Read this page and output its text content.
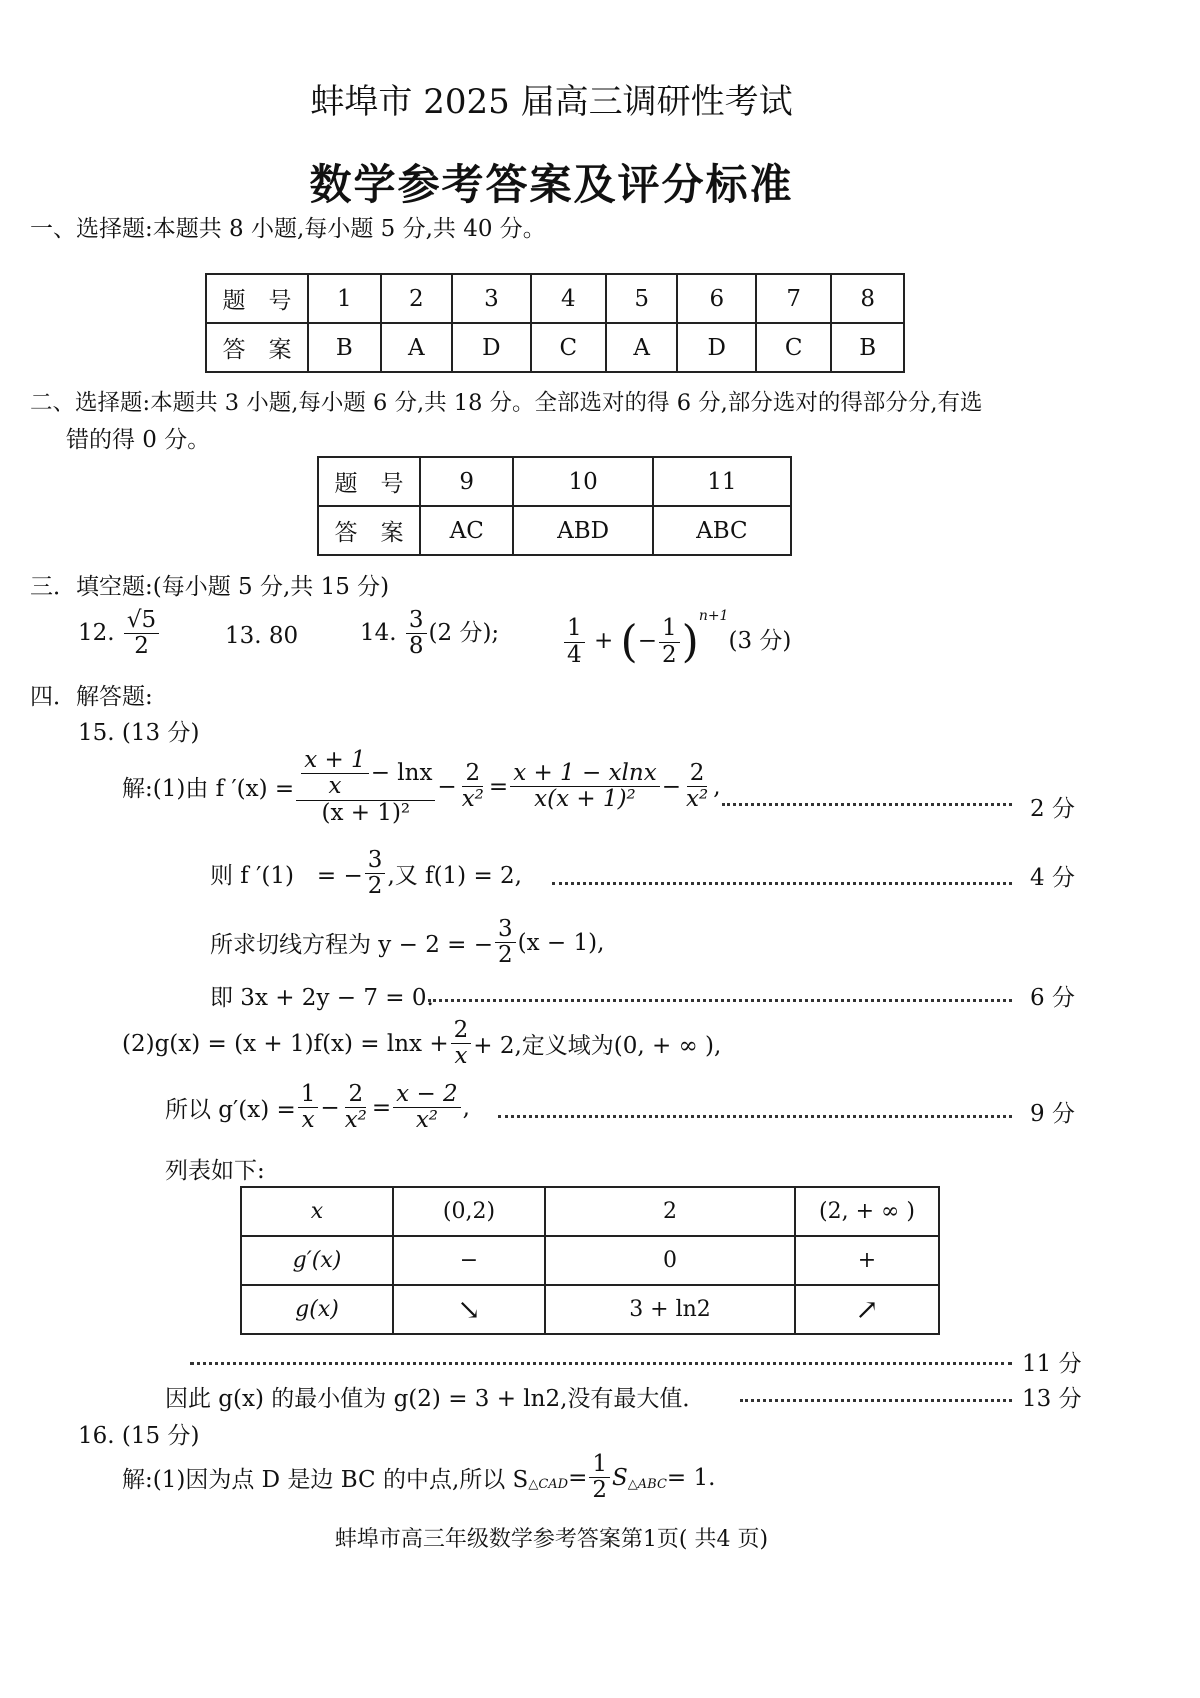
蚌埠市 2025 届高三调研性考试
数学参考答案及评分标准
一、选择题:本题共 8 小题,每小题 5 分,共 40 分。
题　号	1	2	3	4	5	6	7	8
答　案	B	A	D	C	A	D	C	B
二、选择题:本题共 3 小题,每小题 6 分,共 18 分。全部选对的得 6 分,部分选对的得部分分,有选
错的得 0 分。
题　号	9	10	11
答　案	AC	ABD	ABC
三．填空题:(每小题 5 分,共 15 分)
12. $\frac{√5}{2}$	13. 80	14. $\frac{3}{8} (2$ 分);	$\frac{1}{4}$ + (− $\frac{1}{2} )^{n+1}(3$ 分)
四．解答题:
15. (13 分)
解:(1)由 f $'(x) = \frac{\frac{x + 1}{x} - \ln x}{\text{(x + 1)²}} - \frac{2}{\text{x²}} = \frac{x + 1 - xlnx}{\text{x(x + 1)²}} - \frac{2}{\text{x²}}$ ,
2 分
则 f ′(1)　= − $\frac{3}{2}$ ,又 f(1) = 2,	4 分
所求切线方程为 y − 2 = − $\frac{3}{2} (x - 1)$,
即 3x + 2y − 7 = 0.	6 分
$(2)g(x) = (x + 1)f(x) = \ln x + \frac{2}{x} + 2$,定义域为(0, + ∞ ),
所以 $g'(x) = \frac{1}{x} - \frac{2}{\text{x²}} = \frac{x - 2}{\text{x²}}$ ,	9 分
列表如下:
x	(0,2)	2	(2, + ∞ )
g′(x)	−	0	+
g(x)	↘	3 + ln2	↗
11 分
因此 g(x) 的最小值为 g(2) = 3 + ln2,没有最大值．	13 分
16. (15 分)
解:(1)因为点 D 是边 BC 的中点,所以 S △CAD = $\frac{1}{2}$ S △ABC = 1.
蚌埠市高三年级数学参考答案第1页( 共4 页)
